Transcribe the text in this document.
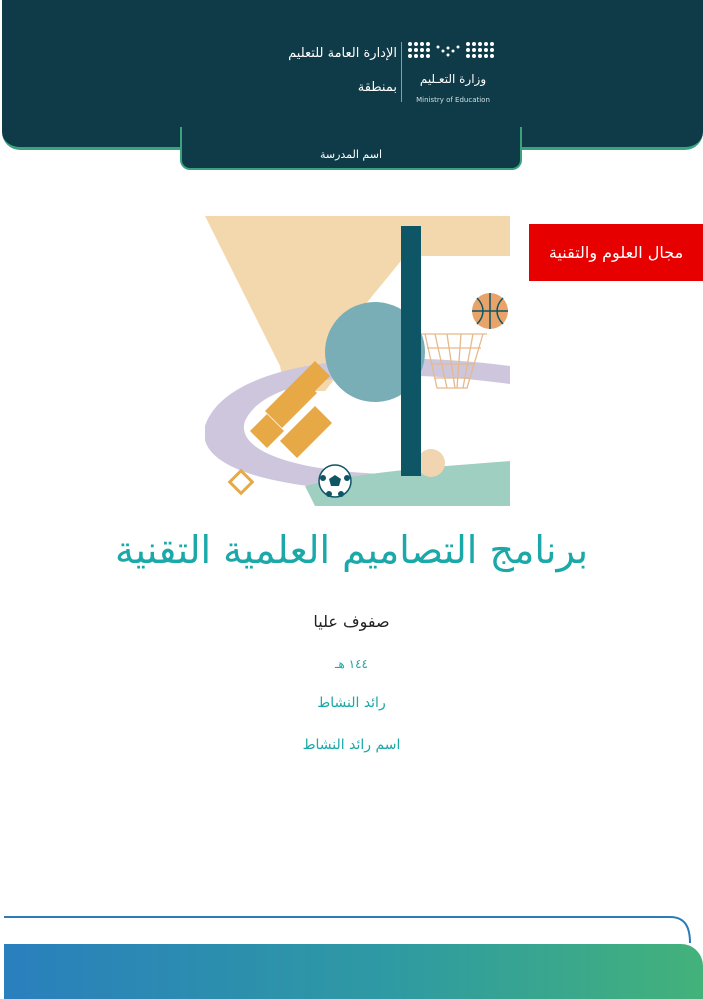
الإدارة العامة للتعليم
بمنطقة
وزارة التعـليم
Ministry of Education
اسم المدرسة
مجال العلوم والتقنية
برنامج التصاميم العلمية التقنية
صفوف عليا
١٤٤ هـ
رائد النشاط
اسم رائد النشاط
